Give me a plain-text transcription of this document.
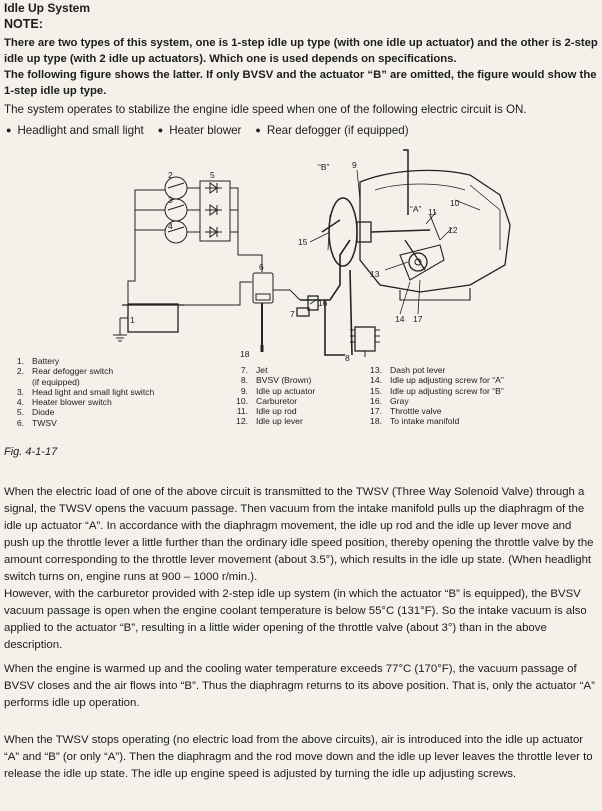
Idle Up System
NOTE:

There are two types of this system, one is 1-step idle up type (with one idle up actuator) and the other is 2-step idle up type (with 2 idle up actuators). Which one is used depends on specifications.

The following figure shows the latter. If only BVSV and the actuator “B” are omitted, the figure would show the 1-step idle up type.

The system operates to stabilize the engine idle speed when one of the following electric circuit is ON.
● Headlight and small light	● Heater blower	● Rear defogger (if equipped)
1
2
3
4
5
6
7
8
9
10
11
12
13
14
15
16
17
18
“B”
“A”
1. Battery
2. Rear defogger switch
(if equipped)
3. Head light and small light switch
4. Heater blower switch
5. Diode
6. TWSV
7. Jet
8. BVSV (Brown)
9. Idle up actuator
10. Carburetor
11. Idle up rod
12. Idle up lever
13. Dash pot lever
14. Idle up adjusting screw for “A”
15. Idle up adjusting screw for “B”
16. Gray
17. Throttle valve
18. To intake manifold
Fig. 4-1-17

When the electric load of one of the above circuit is transmitted to the TWSV (Three Way Solenoid Valve) through a signal, the TWSV opens the vacuum passage. Then vacuum from the intake manifold pulls up the diaphragm of the idle up actuator “A”. In accordance with the diaphragm movement, the idle up rod and the idle up lever move and push up the throttle lever a little further than the ordinary idle speed position, thereby opening the throttle valve by the amount corresponding to the throttle lever movement (about 3.5°), which results in the idle up state. (When headlight switch turns on, engine runs at 900 – 1000 r/min.).
However, with the carburetor provided with 2-step idle up system (in which the actuator “B” is equipped), the BVSV vacuum passage is open when the engine coolant temperature is below 55°C (131°F). So the intake vacuum is also applied to the actuator “B”, resulting in a little wider opening of the throttle valve (about 3°) than in the above description.

When the engine is warmed up and the cooling water temperature exceeds 77°C (170°F), the vacuum passage of BVSV closes and the air flows into “B”. Thus the diaphragm returns to its above position. That is, only the actuator “A” performs idle up operation.

When the TWSV stops operating (no electric load from the above circuits), air is introduced into the idle up actuator “A” and “B” (or only “A”). Then the diaphragm and the rod move down and the idle up lever leaves the throttle lever to release the idle up state. The idle up engine speed is adjusted by turning the idle up adjusting screws.
